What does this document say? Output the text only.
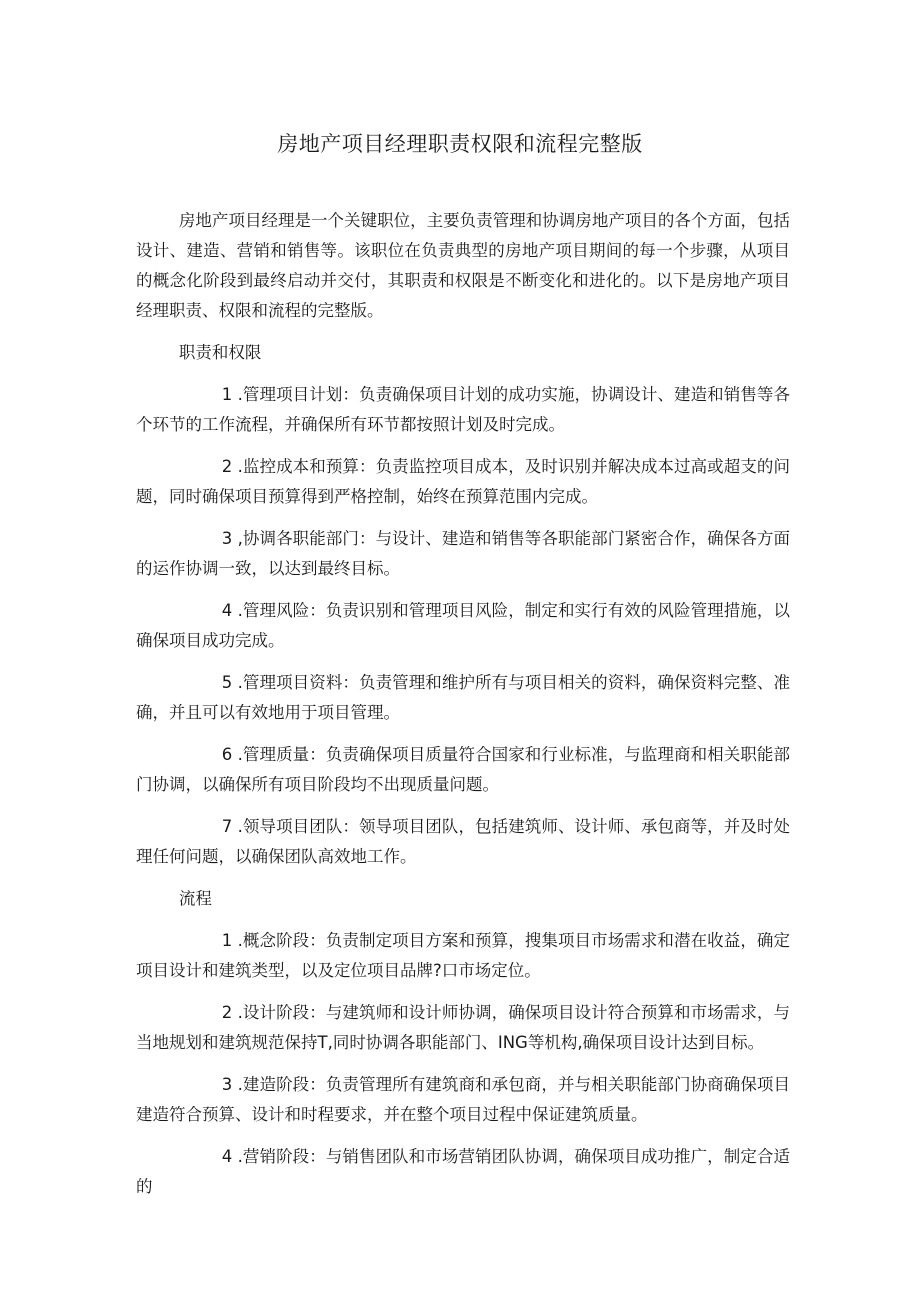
房地产项目经理职责权限和流程完整版

房地产项目经理是一个关键职位，主要负责管理和协调房地产项目的各个方面，包括设计、建造、营销和销售等。该职位在负责典型的房地产项目期间的每一个步骤，从项目的概念化阶段到最终启动并交付，其职责和权限是不断变化和进化的。以下是房地产项目经理职责、权限和流程的完整版。

职责和权限

1 .管理项目计划：负责确保项目计划的成功实施，协调设计、建造和销售等各个环节的工作流程，并确保所有环节都按照计划及时完成。

2 .监控成本和预算：负责监控项目成本，及时识别并解决成本过高或超支的问题，同时确保项目预算得到严格控制，始终在预算范围内完成。

3 ,协调各职能部门：与设计、建造和销售等各职能部门紧密合作，确保各方面的运作协调一致，以达到最终目标。

4 .管理风险：负责识别和管理项目风险，制定和实行有效的风险管理措施，以确保项目成功完成。

5 .管理项目资料：负责管理和维护所有与项目相关的资料，确保资料完整、准确，并且可以有效地用于项目管理。

6 .管理质量：负责确保项目质量符合国家和行业标准，与监理商和相关职能部门协调，以确保所有项目阶段均不出现质量问题。

7 .领导项目团队：领导项目团队，包括建筑师、设计师、承包商等，并及时处理任何问题，以确保团队高效地工作。

流程

1 .概念阶段：负责制定项目方案和预算，搜集项目市场需求和潜在收益，确定项目设计和建筑类型，以及定位项目品牌?口市场定位。

2 .设计阶段：与建筑师和设计师协调，确保项目设计符合预算和市场需求，与当地规划和建筑规范保持T,同时协调各职能部门、ING等机构,确保项目设计达到目标。

3 .建造阶段：负责管理所有建筑商和承包商，并与相关职能部门协商确保项目建造符合预算、设计和时程要求，并在整个项目过程中保证建筑质量。

4 .营销阶段：与销售团队和市场营销团队协调，确保项目成功推广，制定合适的
